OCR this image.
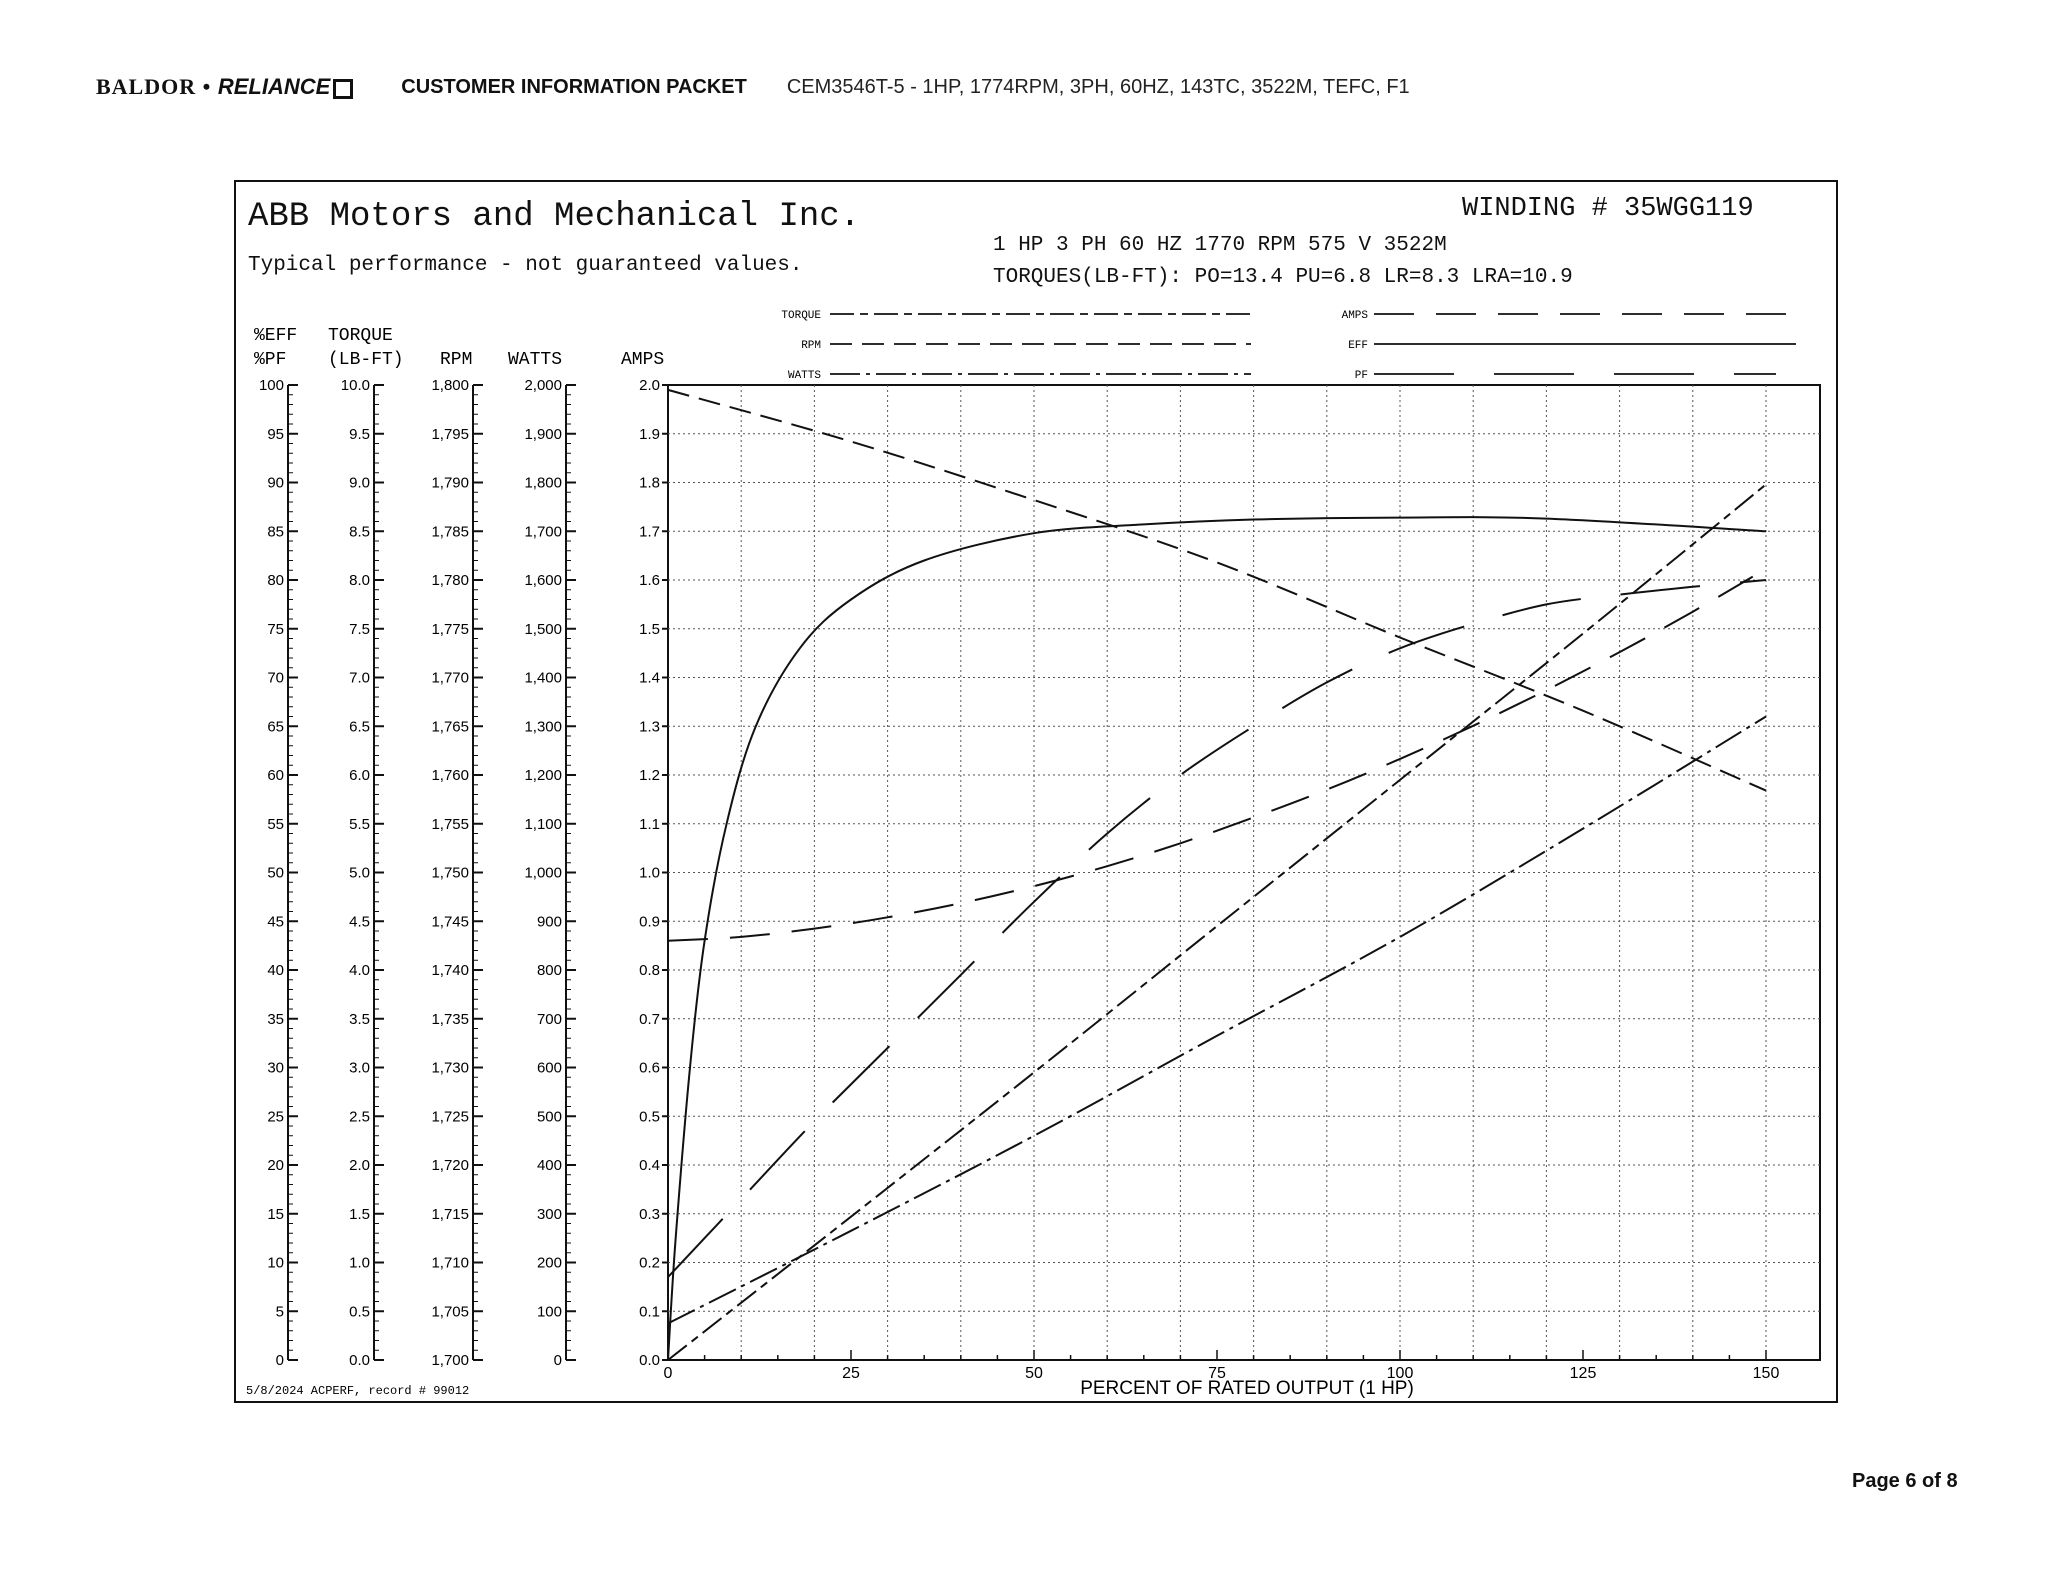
BALDOR • RELIANCE	CUSTOMER INFORMATION PACKET CEM3546T-5 - 1HP, 1774RPM, 3PH, 60HZ, 143TC, 3522M, TEFC, F1
Page 6 of 8
ABB Motors and Mechanical Inc.
Typical performance - not guaranteed values.
WINDING # 35WGG119
1 HP 3 PH 60 HZ 1770 RPM 575 V 3522M
TORQUES(LB-FT): PO=13.4 PU=6.8 LR=8.3 LRA=10.9
0	25	50	75	100	125	150
PERCENT OF RATED OUTPUT (1 HP)
0
5
10
15
20
25
30
35
40
45
50
55
60
65
70
75
80
85
90
95
100
0.0
0.5
1.0
1.5
2.0
2.5
3.0
3.5
4.0
4.5
5.0
5.5
6.0
6.5
7.0
7.5
8.0
8.5
9.0
9.5
10.0
1,700
1,705
1,710
1,715
1,720
1,725
1,730
1,735
1,740
1,745
1,750
1,755
1,760
1,765
1,770
1,775
1,780
1,785
1,790
1,795
1,800
0
100
200
300
400
500
600
700
800
900
1,000
1,100
1,200
1,300
1,400
1,500
1,600
1,700
1,800
1,900
2,000
0.0
0.1
0.2
0.3
0.4
0.5
0.6
0.7
0.8
0.9
1.0
1.1
1.2
1.3
1.4
1.5
1.6
1.7
1.8
1.9
2.0
%EFF
%PF
TORQUE
(LB-FT) RPM WATTS	AMPS
TORQUE
RPM
WATTS
AMPS
EFF
PF
5/8/2024 ACPERF, record # 99012
